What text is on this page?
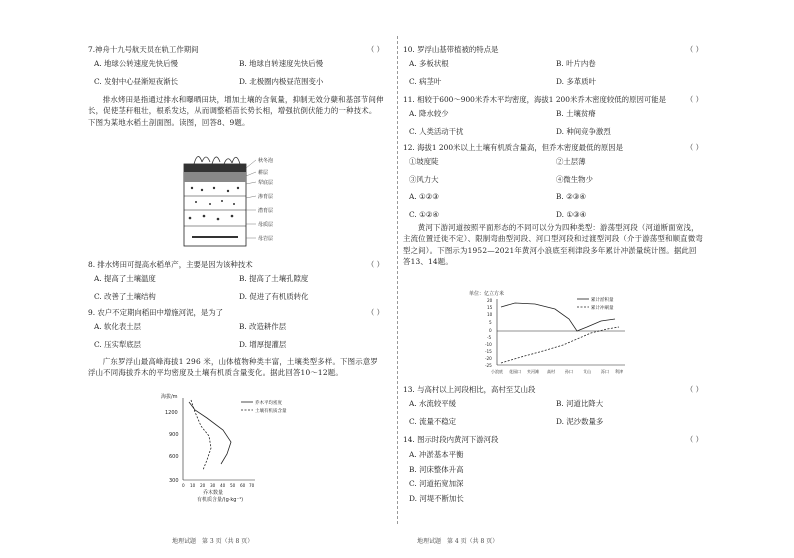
7.神舟十九号航天员在轨工作期间	（ ）
A. 地球公转速度先快后慢	B. 地球自转速度先快后慢
C. 发射中心昼渐短夜渐长	D. 北极圈内极昼范围变小
排水烤田是指通过排水和曝晒田块，增加土壤的含氧量，抑制无效分蘖和基部节间伸长，促使茎秆粗壮，根系发达，从而调整稻苗长势长相，增强抗倒伏能力的一种技术。下图为某地水稻土剖面图。读图，回答8、9题。
秋冬泡
耕层
犁底层
渗育层
潜育层
母质层
母岩层
8. 排水烤田可提高水稻单产，主要是因为该种技术	（ ）
A. 提高了土壤温度	B. 提高了土壤孔隙度
C. 改善了土壤结构	D. 促进了有机质转化
9. 农户不定期向稻田中增施河泥，是为了	（ ）
A. 软化表土层	B. 改造耕作层
C. 压实犁底层	D. 增厚提灌层
广东罗浮山最高峰海拔1 296 米，山体植物种类丰富，土壤类型多样。下图示意罗浮山不同海拔乔木的平均密度及土壤有机质含量变化。据此回答10～12题。
海拔/m
1200
900
600
300
0 10 20 30 40 50 60 70
乔木数量
有机质含量/(g·kg⁻¹)
乔木平均密度
土壤有机质含量
地理试题　第 3 页（共 8 页）
10. 罗浮山基带植被的特点是	（ ）
A. 多板状根	B. 叶片内卷
C. 病茎叶	D. 多革质叶
11. 相较于600～900米乔木平均密度，海拔1 200米乔木密度较低的原因可能是	（ ）
A. 降水较少	B. 土壤贫瘠
C. 人类活动干扰	D. 种间竞争激烈
12. 海拔1 200米以上土壤有机质含量高，但乔木密度最低的原因是	（ ）
①坡度陡	②土层薄
③风力大	④微生物少
A. ①②③	B. ②③④
C. ①②④	D. ①③④
黄河下游河道按照平面形态的不同可以分为四种类型：游荡型河段（河道断面宽浅，主流位置迁徙不定）、限制弯曲型河段、河口型河段和过渡型河段（介于游荡型和顺直微弯型之间）。下图示为1952—2021年黄河小浪底至利津段多年累计冲淤量统计图。据此回答13、14题。
单位：亿立方米
20
15
10
5
0
-5
-10
-15
-20
-25
小浪底 花园口 夹河滩 高村	孙口	艾山	泺口 利津
累计淤积量
累计冲刷量
13. 与高村以上河段相比，高村至艾山段	（ ）
A. 水流较平缓	B. 河道比降大
C. 流量不稳定	D. 泥沙数量多
14. 图示时段内黄河下游河段	（ ）
A. 冲淤基本平衡
B. 河床整体升高
C. 河道拓宽加深
D. 河堤不断加长
地理试题　第 4 页（共 8 页）
